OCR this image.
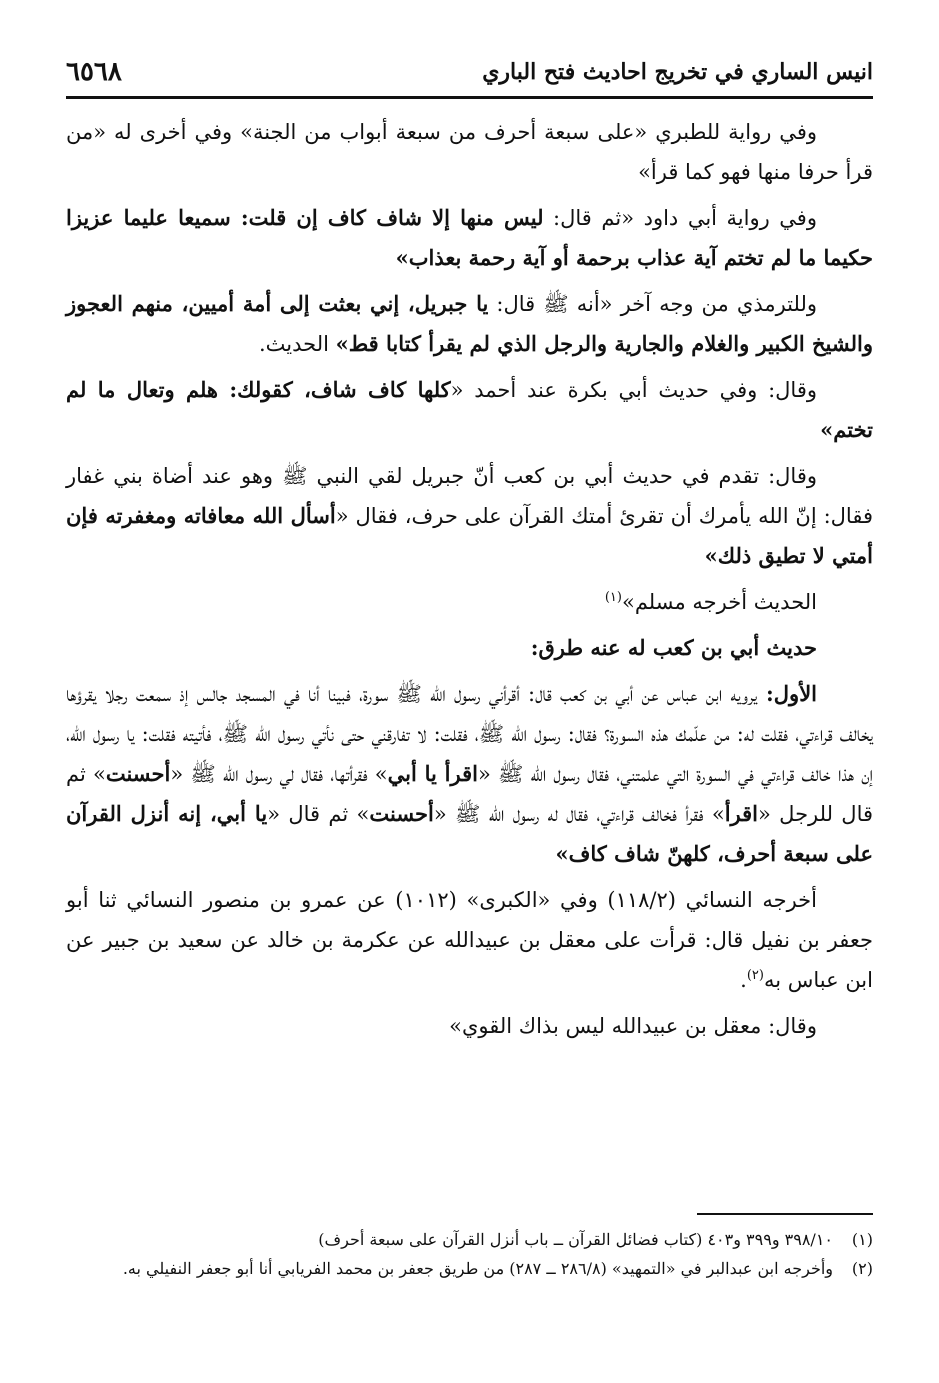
انيس الساري في تخريج احاديث فتح الباري
٦٥٦٨
وفي رواية للطبري «على سبعة أحرف من سبعة أبواب من الجنة» وفي أخرى له «من قرأ حرفا منها فهو كما قرأ»
وفي رواية أبي داود «ثم قال: ليس منها إلا شاف كاف إن قلت: سميعا عليما عزيزا حكيما ما لم تختم آية عذاب برحمة أو آية رحمة بعذاب»
وللترمذي من وجه آخر «أنه ﷺ قال: يا جبريل، إني بعثت إلى أمة أميين، منهم العجوز والشيخ الكبير والغلام والجارية والرجل الذي لم يقرأ كتابا قط» الحديث.
وقال: وفي حديث أبي بكرة عند أحمد «كلها كاف شاف، كقولك: هلم وتعال ما لم تختم»
وقال: تقدم في حديث أبي بن كعب أنّ جبريل لقي النبي ﷺ وهو عند أضاة بني غفار فقال: إنّ الله يأمرك أن تقرئ أمتك القرآن على حرف، فقال «أسأل الله معافاته ومغفرته فإن أمتي لا تطيق ذلك»
الحديث أخرجه مسلم»$^{(١)}$
حديث أبي بن كعب له عنه طرق:
الأول: يرويه ابن عباس عن أبي بن كعب قال: أقرأني رسول الله ﷺ سورة، فبينا أنا في المسجد جالس إذ سمعت رجلا يقرؤها يخالف قراءتي، فقلت له: من علّمك هذه السورة؟ فقال: رسول الله ﷺ، فقلت: لا تفارقني حتى نأتي رسول الله ﷺ، فأتيته فقلت: يا رسول الله، إن هذا خالف قراءتي في السورة التي علمتني، فقال رسول الله ﷺ «اقرأ يا أبي» فقرأتها، فقال لي رسول الله ﷺ «أحسنت» ثم قال للرجل «اقرأ» فقرأ فخالف قراءتي، فقال له رسول الله ﷺ «أحسنت» ثم قال «يا أبي، إنه أنزل القرآن على سبعة أحرف، كلهنّ شاف كاف»
أخرجه النسائي (١١٨/٢) وفي «الكبرى» (١٠١٢) عن عمرو بن منصور النسائي ثنا أبو جعفر بن نفيل قال: قرأت على معقل بن عبيدالله عن عكرمة بن خالد عن سعيد بن جبير عن ابن عباس به$^{(٢)}$.
وقال: معقل بن عبيدالله ليس بذاك القوي»
(١)
٣٩٨/١٠ و٣٩٩ و٤٠٣ (كتاب فضائل القرآن ــ باب أنزل القرآن على سبعة أحرف)
(٢)
وأخرجه ابن عبدالبر في «التمهيد» (٢٨٦/٨ ــ ٢٨٧) من طريق جعفر بن محمد الفريابي أنا أبو جعفر النفيلي به.
